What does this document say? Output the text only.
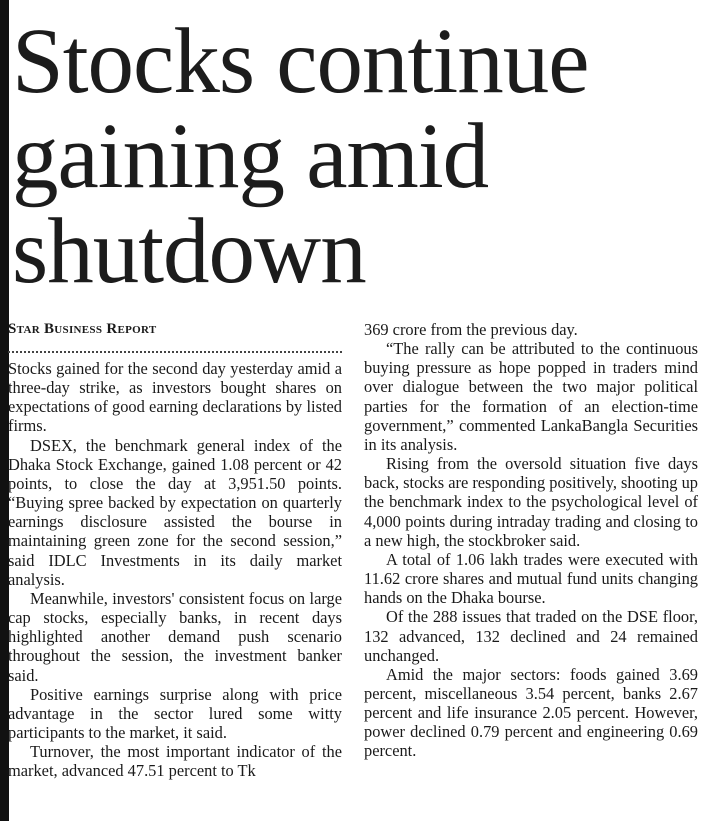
Stocks continue gaining amid shutdown
Star Business Report

Stocks gained for the second day yesterday amid a three-day strike, as investors bought shares on expectations of good earning declarations by listed firms.

DSEX, the benchmark general index of the Dhaka Stock Exchange, gained 1.08 percent or 42 points, to close the day at 3,951.50 points. “Buying spree backed by expectation on quarterly earnings disclosure assisted the bourse in maintaining green zone for the second session,” said IDLC Investments in its daily market analysis.

Meanwhile, investors' consistent focus on large cap stocks, especially banks, in recent days highlighted another demand push scenario throughout the session, the investment banker said.

Positive earnings surprise along with price advantage in the sector lured some witty participants to the market, it said.

Turnover, the most important indicator of the market, advanced 47.51 percent to Tk

369 crore from the previous day.

“The rally can be attributed to the continuous buying pressure as hope popped in traders mind over dialogue between the two major political parties for the formation of an election-time government,” commented LankaBangla Securities in its analysis.

Rising from the oversold situation five days back, stocks are responding positively, shooting up the benchmark index to the psychological level of 4,000 points during intraday trading and closing to a new high, the stockbroker said.

A total of 1.06 lakh trades were executed with 11.62 crore shares and mutual fund units changing hands on the Dhaka bourse.

Of the 288 issues that traded on the DSE floor, 132 advanced, 132 declined and 24 remained unchanged.

Amid the major sectors: foods gained 3.69 percent, miscellaneous 3.54 percent, banks 2.67 percent and life insurance 2.05 percent. However, power declined 0.79 percent and engineering 0.69 percent.
